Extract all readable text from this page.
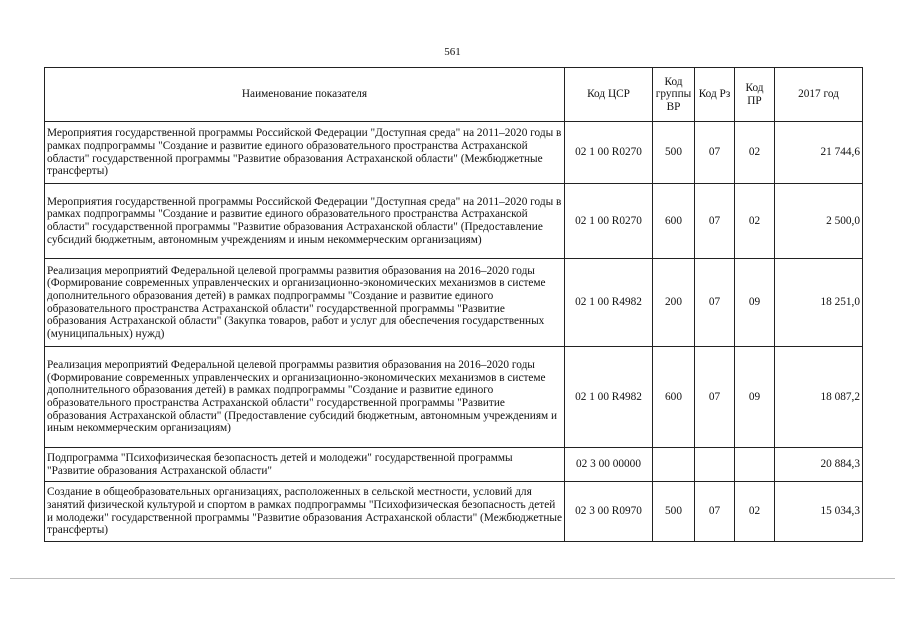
561
Наименование показателя	Код ЦСР	Код группы ВР	Код Рз	Код ПР	2017 год
Мероприятия государственной программы Российской Федерации "Доступная среда" на 2011–2020 годы в рамках подпрограммы "Создание и развитие единого образовательного пространства Астраханской области" государственной программы "Развитие образования Астраханской области" (Межбюджетные трансферты)	02 1 00 R0270	500	07	02	21 744,6
Мероприятия государственной программы Российской Федерации "Доступная среда" на 2011–2020 годы в рамках подпрограммы "Создание и развитие единого образовательного пространства Астраханской области" государственной программы "Развитие образования Астраханской области" (Предоставление субсидий бюджетным, автономным учреждениям и иным некоммерческим организациям)	02 1 00 R0270	600	07	02	2 500,0
Реализация мероприятий Федеральной целевой программы развития образования на 2016–2020 годы (Формирование современных управленческих и организационно-экономических механизмов в системе дополнительного образования детей) в рамках подпрограммы "Создание и развитие единого образовательного пространства Астраханской области" государственной программы "Развитие образования Астраханской области" (Закупка товаров, работ и услуг для обеспечения государственных (муниципальных) нужд)	02 1 00 R4982	200	07	09	18 251,0
Реализация мероприятий Федеральной целевой программы развития образования на 2016–2020 годы (Формирование современных управленческих и организационно-экономических механизмов в системе дополнительного образования детей) в рамках подпрограммы "Создание и развитие единого образовательного пространства Астраханской области" государственной программы "Развитие образования Астраханской области" (Предоставление субсидий бюджетным, автономным учреждениям и иным некоммерческим организациям)	02 1 00 R4982	600	07	09	18 087,2
Подпрограмма "Психофизическая безопасность детей и молодежи" государственной программы "Развитие образования Астраханской области"	02 3 00 00000				20 884,3
Создание в общеобразовательных организациях, расположенных в сельской местности, условий для занятий физической культурой и спортом в рамках подпрограммы "Психофизическая безопасность детей и молодежи" государственной программы "Развитие образования Астраханской области" (Межбюджетные трансферты)	02 3 00 R0970	500	07	02	15 034,3
